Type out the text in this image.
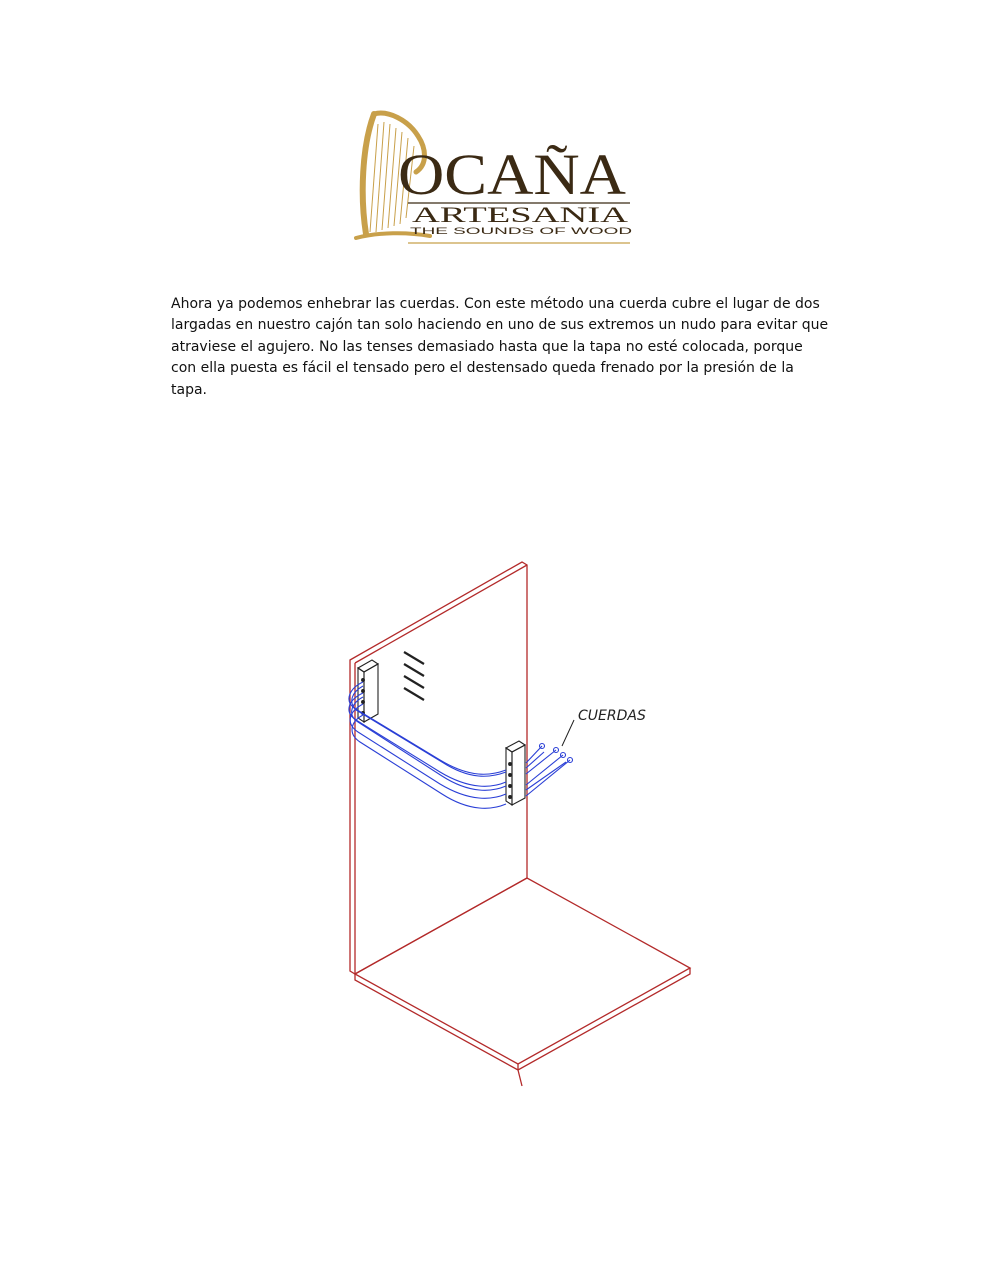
OCAÑA
ARTESANIA
THE SOUNDS OF WOOD

Ahora ya podemos enhebrar las cuerdas. Con este método una cuerda cubre el lugar de dos
largadas en nuestro cajón tan solo haciendo en uno de sus extremos un nudo para evitar que
atraviese el agujero. No las tenses demasiado hasta que la tapa no esté colocada, porque
con ella puesta es fácil el tensado pero el destensado queda frenado por la presión de la
tapa.

CUERDAS
